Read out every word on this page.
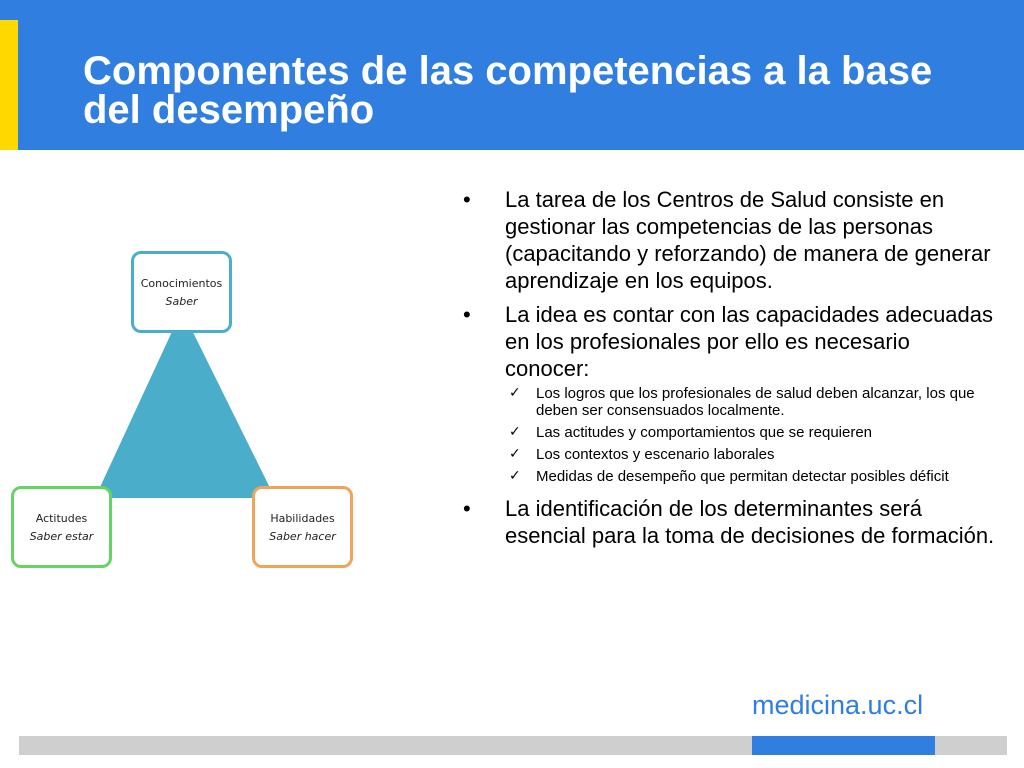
Componentes de las competencias a la base del desempeño
Conocimientos
Saber
Actitudes
Saber estar
Habilidades
Saber hacer
•	La tarea de los Centros de Salud consiste en gestionar las competencias de las personas (capacitando y reforzando) de manera de generar aprendizaje en los equipos.
•	La idea es contar con las capacidades adecuadas en los profesionales por ello es necesario conocer:
✓	Los logros que los profesionales de salud deben alcanzar, los que deben ser consensuados localmente.
✓	Las actitudes y comportamientos que se requieren
✓	Los contextos y escenario laborales
✓	Medidas de desempeño que permitan detectar posibles déficit
•	La identificación de los determinantes será esencial para la toma de decisiones de formación.
medicina.uc.cl
